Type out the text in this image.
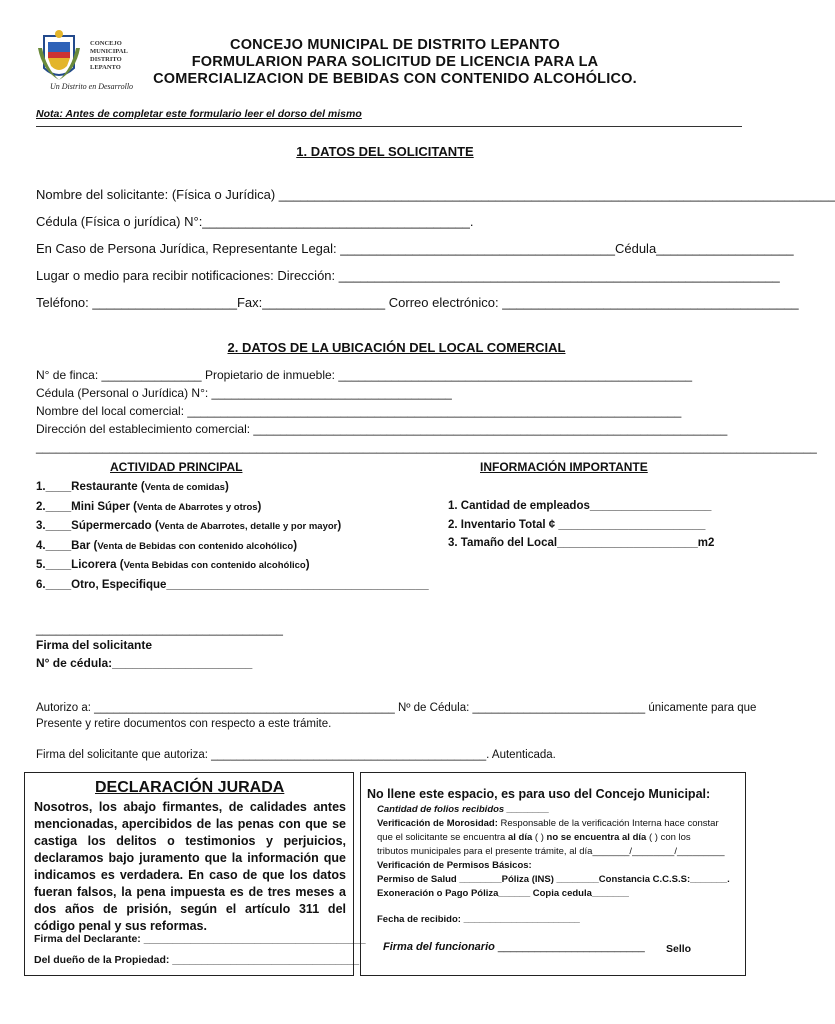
CONCEJO
MUNICIPAL
DISTRITO
LEPANTO
Un Distrito en Desarrollo
CONCEJO MUNICIPAL DE DISTRITO LEPANTO
FORMULARION PARA SOLICITUD DE LICENCIA PARA LA
COMERCIALIZACION DE BEBIDAS CON CONTENIDO ALCOHÓLICO.
Nota: Antes de completar este formulario leer el dorso del mismo
1. DATOS DEL SOLICITANTE
Nombre del solicitante: (Física o Jurídica) _____________________________________________________________________________
Cédula (Física o jurídica) N°:_____________________________________.
En Caso de Persona Jurídica, Representante Legal: ______________________________________Cédula___________________
Lugar o medio para recibir notificaciones: Dirección: _____________________________________________________________
Teléfono: ____________________Fax:_________________ Correo electrónico: _________________________________________
2. DATOS DE LA UBICACIÓN DEL LOCAL COMERCIAL
N° de finca: _______________ Propietario de inmueble: _____________________________________________________
Cédula (Personal o Jurídica) N°: ____________________________________
Nombre del local comercial: __________________________________________________________________________
Dirección del establecimiento comercial: _______________________________________________________________________
_____________________________________________________________________________________________________________________
ACTIVIDAD PRINCIPAL
1.____Restaurante (Venta de comidas)
2.____Mini Súper (Venta de Abarrotes y otros)
3.____Súpermercado (Venta de Abarrotes, detalle y por mayor)
4.____Bar (Venta de Bebidas con contenido alcohólico)
5.____Licorera (Venta Bebidas con contenido alcohólico)
6.____Otro, Especifique_________________________________________
INFORMACIÓN IMPORTANTE
1. Cantidad de empleados___________________
2. Inventario Total ¢ _______________________
3. Tamaño del Local______________________m2
_____________________________________
Firma del solicitante
N° de cédula:_____________________
Autorizo a: _______________________________________________ Nº de Cédula: ___________________________ únicamente para que
Presente y retire documentos con respecto a este trámite.
Firma del solicitante que autoriza: ___________________________________________. Autenticada.
DECLARACIÓN JURADA
Nosotros, los abajo firmantes, de calidades antes mencionadas, apercibidos de las penas con que se castiga los delitos o testimonios y perjuicios, declaramos bajo juramento que la información que indicamos es verdadera. En caso de que los datos fueran falsos, la pena impuesta es de tres meses a dos años de prisión, según el artículo 311 del código penal y sus reformas.
Firma del Declarante: ______________________________________
Del dueño de la Propiedad: ________________________________
No llene este espacio, es para uso del Concejo Municipal:
Cantidad de folios recibidos ________
Verificación de Morosidad: Responsable de la verificación Interna hace constar
que el solicitante se encuentra al día ( ) no se encuentra al día ( ) con los
tributos municipales para el presente trámite, al día_______/________/_________
Verificación de Permisos Básicos:
Permiso de Salud ________Póliza (INS) ________Constancia C.C.S.S:_______.
Exoneración o Pago Póliza______ Copia cedula_______
Fecha de recibido: ______________________
Firma del funcionario ________________________ Sello
